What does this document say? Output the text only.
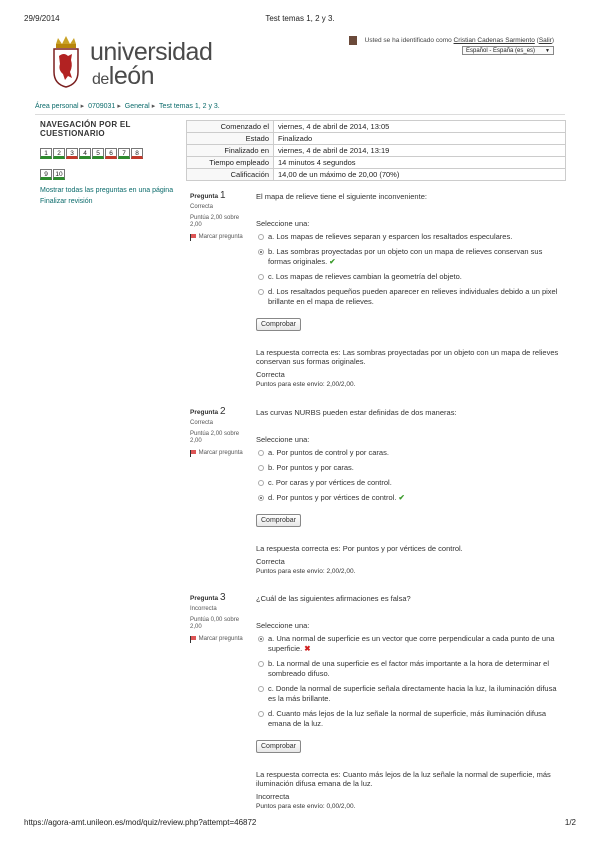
29/9/2014	Test temas 1, 2 y 3.
universidad
deleón
Usted se ha identificado como Cristian Cadenas Sarmiento (Salir)
Español - España (es_es) ▼
Área personal ▸ 0709031 ▸ General ▸ Test temas 1, 2 y 3.
NAVEGACIÓN POR EL CUESTIONARIO
1 2 3 4 5 6 7 8
9 10
Mostrar todas las preguntas en una página
Finalizar revisión
Comenzado el	viernes, 4 de abril de 2014, 13:05
Estado	Finalizado
Finalizado en	viernes, 4 de abril de 2014, 13:19
Tiempo empleado	14 minutos 4 segundos
Calificación	14,00 de un máximo de 20,00 (70%)
Pregunta 1

Correcta

Puntúa 2,00 sobre 2,00

Marcar pregunta

El mapa de relieve tiene el siguiente inconveniente:

Seleccione una:

a. Los mapas de relieves separan y esparcen los resaltados especulares.
b. Las sombras proyectadas por un objeto con un mapa de relieves conservan sus formas originales. ✔
c. Los mapas de relieves cambian la geometría del objeto.
d. Los resaltados pequeños pueden aparecer en relieves individuales debido a un pixel brillante en el mapa de relieves.
Comprobar
La respuesta correcta es: Las sombras proyectadas por un objeto con un mapa de relieves conservan sus formas originales.
Correcta
Puntos para este envío: 2,00/2,00.
Pregunta 2

Correcta

Puntúa 2,00 sobre 2,00

Marcar pregunta

Las curvas NURBS pueden estar definidas de dos maneras:

Seleccione una:

a. Por puntos de control y por caras.
b. Por puntos y por caras.
c. Por caras y por vértices de control.
d. Por puntos y por vértices de control. ✔
Comprobar
La respuesta correcta es: Por puntos y por vértices de control.
Correcta
Puntos para este envío: 2,00/2,00.
Pregunta 3

Incorrecta

Puntúa 0,00 sobre 2,00

Marcar pregunta

¿Cuál de las siguientes afirmaciones es falsa?

Seleccione una:

a. Una normal de superficie es un vector que corre perpendicular a cada punto de una superficie. ✖
b. La normal de una superficie es el factor más importante a la hora de determinar el sombreado difuso.
c. Donde la normal de superficie señala directamente hacia la luz, la iluminación difusa es la más brillante.
d. Cuanto más lejos de la luz señale la normal de superficie, más iluminación difusa emana de la luz.
Comprobar
La respuesta correcta es: Cuanto más lejos de la luz señale la normal de superficie, más iluminación difusa emana de la luz.
Incorrecta
Puntos para este envío: 0,00/2,00.
https://agora-amt.unileon.es/mod/quiz/review.php?attempt=46872	1/2
